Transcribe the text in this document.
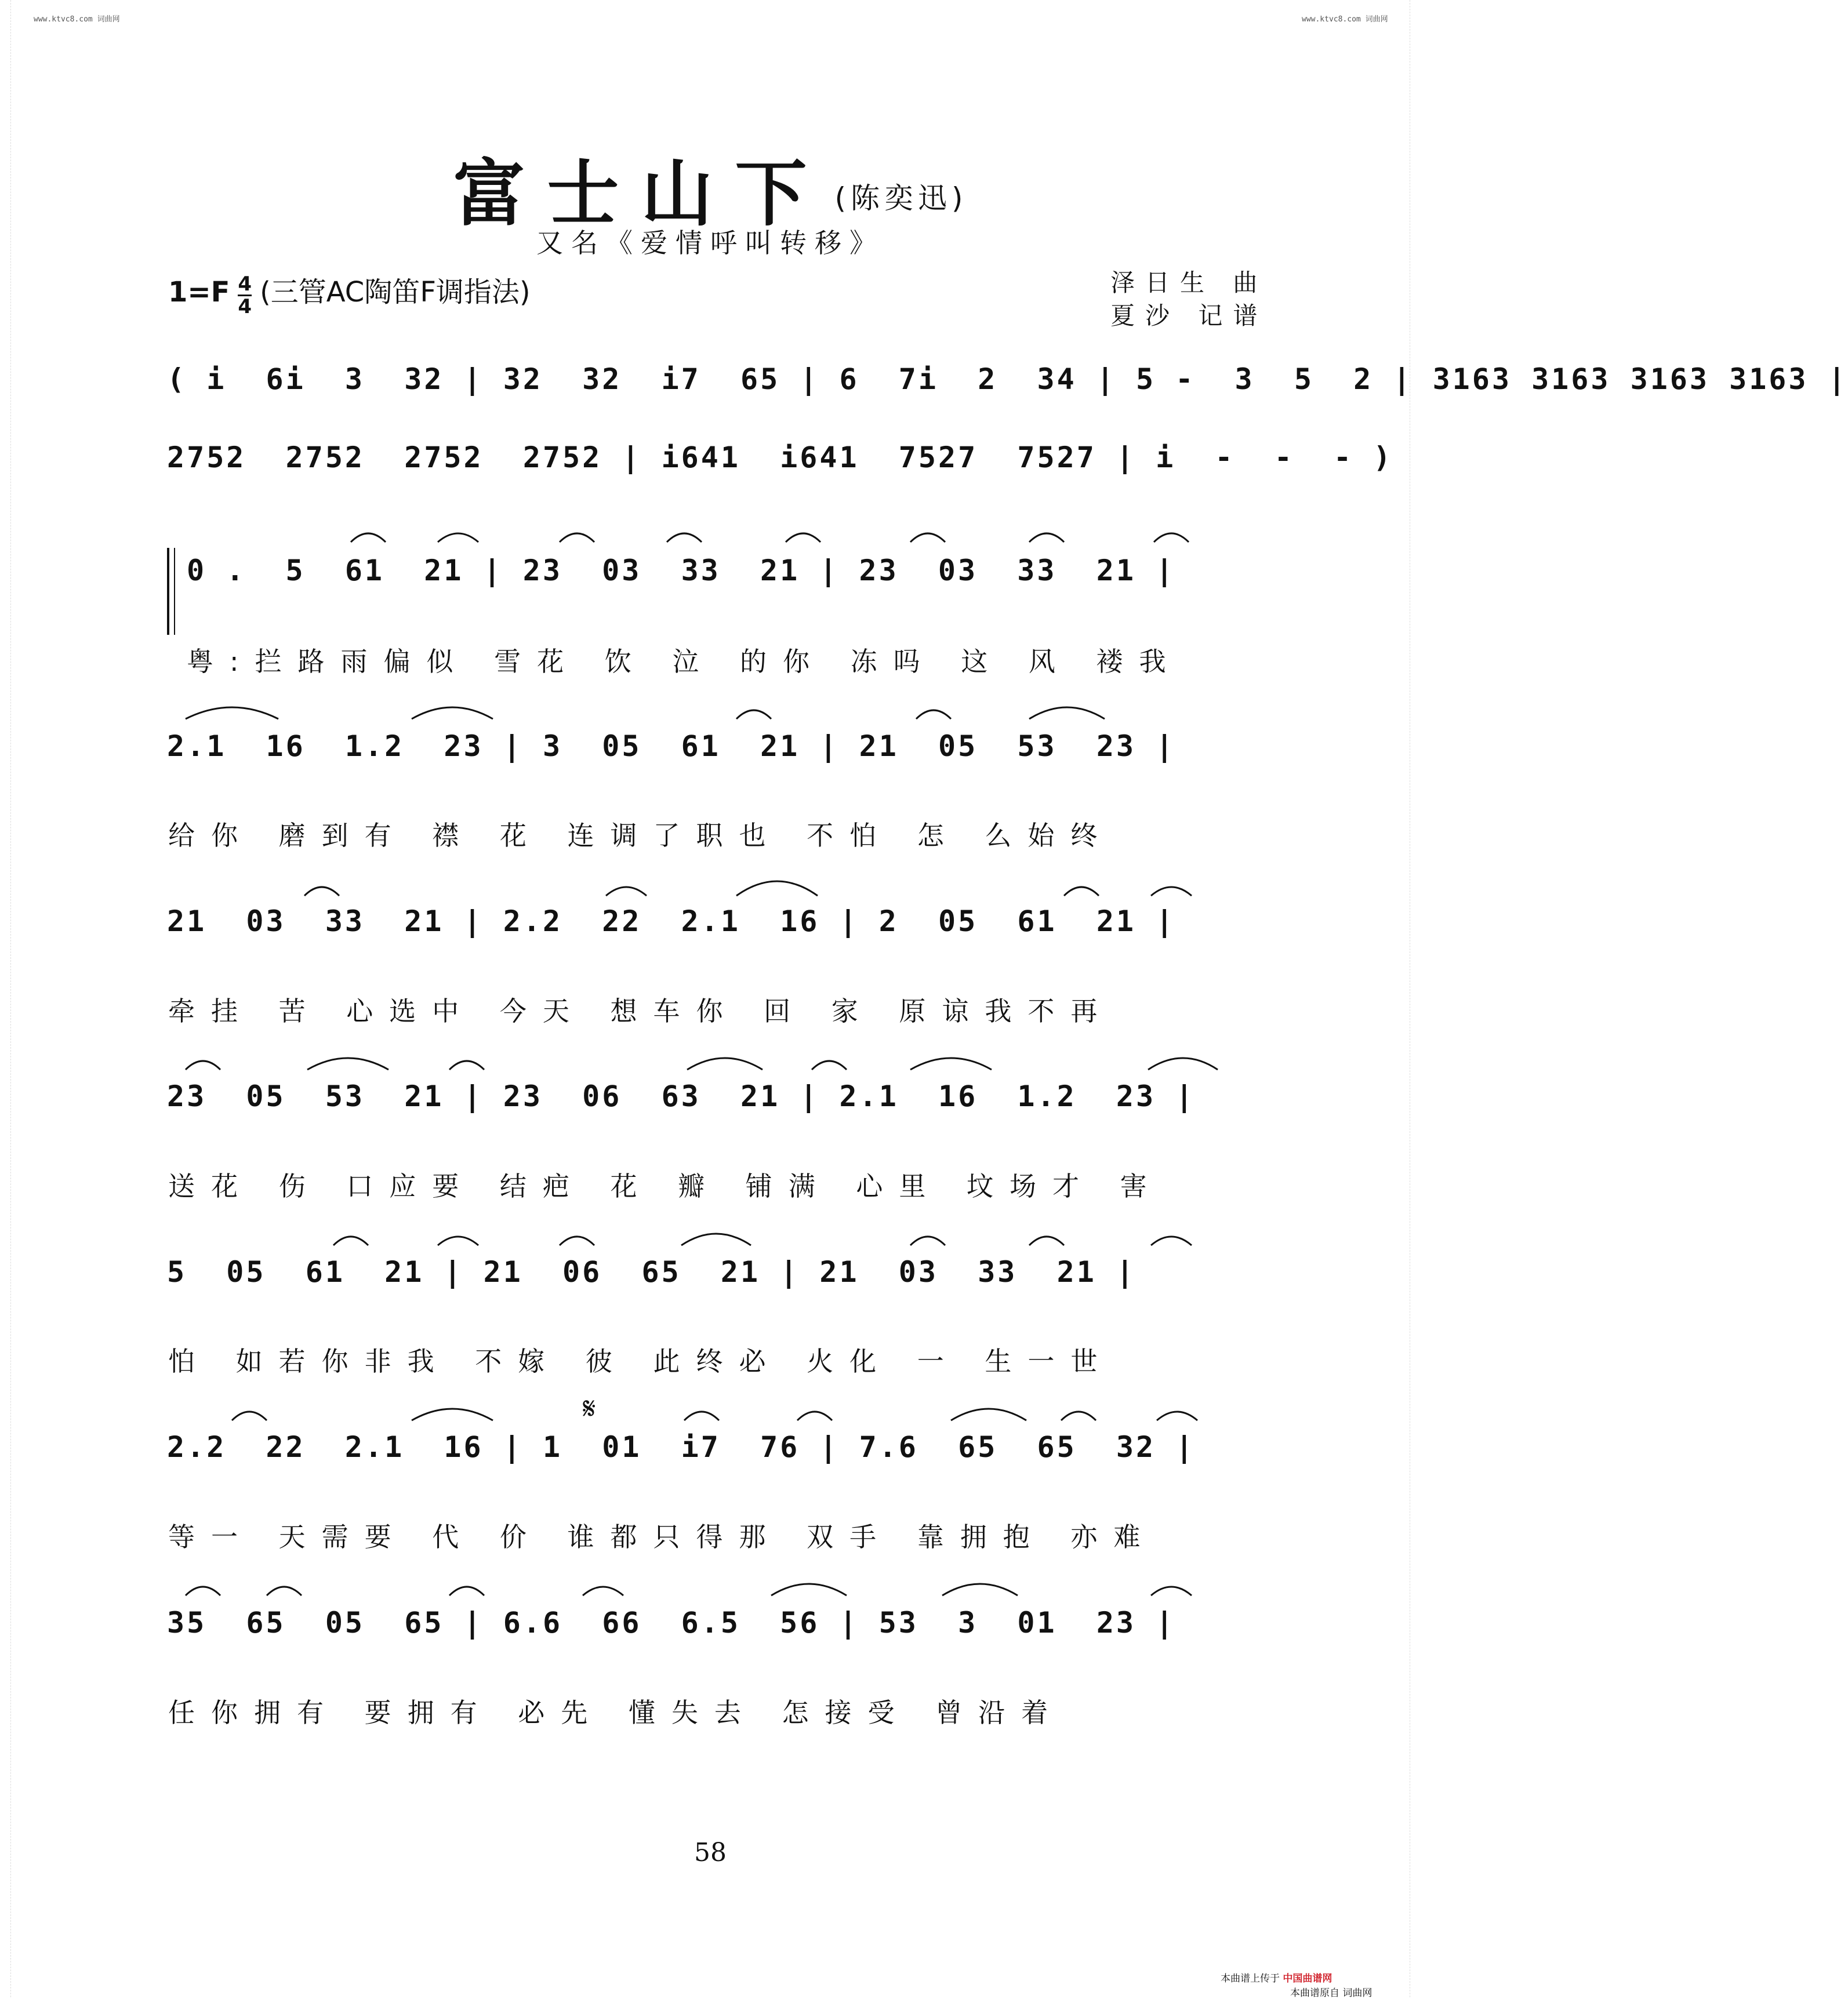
www.ktvc8.com 词曲网	www.ktvc8.com 词曲网
富士山下 (陈奕迅)
又名《爱情呼叫转移》
$1=F \frac{4}{4}$ (三管AC陶笛F调指法)	泽日生 曲
夏沙 记谱
( i  6i  3  32 | 32  32  i7  65 | 6  7i  2  34 | 5 -  3  5  2 | 3163 3163 3163 3163 |
2752  2752  2752  2752 | i641  i641  7527  7527 | i  -  -  - )
0 .  5  61  21 | 23  03  33  21 | 23  03  33  21 |
粤:拦路雨偏似 雪花 饮 泣 的你 冻吗 这 风 褛我
2.1  16  1.2  23 | 3  05  61  21 | 21  05  53  23 |
给你 磨到有 襟 花 连调了职也 不怕 怎 么始终
21  03  33  21 | 2.2  22  2.1  16 | 2  05  61  21 |
牵挂 苦 心选中 今天 想车你 回 家 原谅我不再
23  05  53  21 | 23  06  63  21 | 2.1  16  1.2  23 |
送花 伤 口应要 结疤 花 瓣 铺满 心里 坟场才 害
5  05  61  21 | 21  06  65  21 | 21  03  33  21 |
怕 如若你非我 不嫁 彼 此终必 火化 一 生一世
𝄋
2.2  22  2.1  16 | 1  01  i7  76 | 7.6  65  65  32 |
等一 天需要 代 价 谁都只得那 双手 靠拥抱 亦难
35  65  05  65 | 6.6  66  6.5  56 | 53  3  01  23 |
任你拥有 要拥有 必先 懂失去 怎接受 曾沿着
58
本曲谱上传于 中国曲谱网
本曲谱原自 词曲网
